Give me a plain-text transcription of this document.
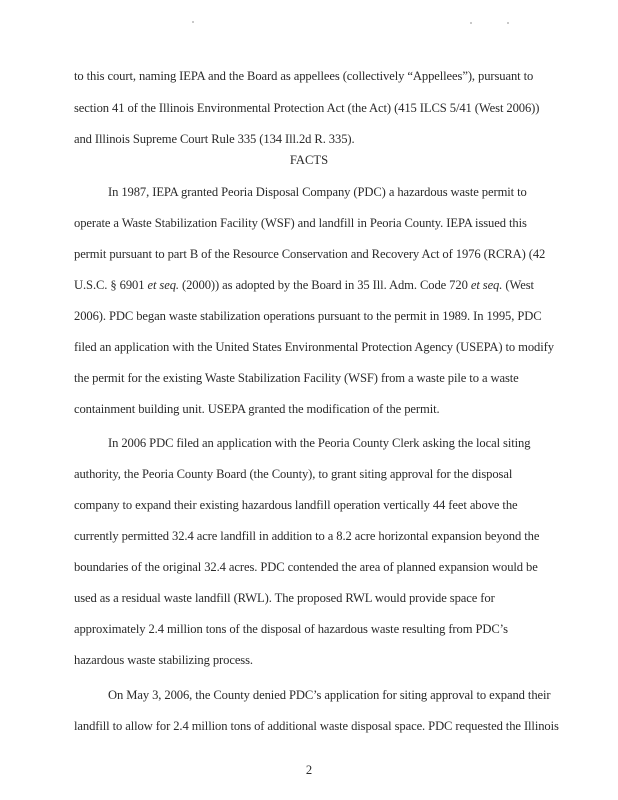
to this court, naming IEPA and the Board as appellees (collectively “Appellees”), pursuant to
section 41 of the Illinois Environmental Protection Act (the Act) (415 ILCS 5/41 (West 2006))
and Illinois Supreme Court Rule 335 (134 Ill.2d R. 335).
FACTS
In 1987, IEPA granted Peoria Disposal Company (PDC) a hazardous waste permit to
operate a Waste Stabilization Facility (WSF) and landfill in Peoria County. IEPA issued this
permit pursuant to part B of the Resource Conservation and Recovery Act of 1976 (RCRA) (42
U.S.C. § 6901 et seq. (2000)) as adopted by the Board in 35 Ill. Adm. Code 720 et seq. (West
2006). PDC began waste stabilization operations pursuant to the permit in 1989. In 1995, PDC
filed an application with the United States Environmental Protection Agency (USEPA) to modify
the permit for the existing Waste Stabilization Facility (WSF) from a waste pile to a waste
containment building unit. USEPA granted the modification of the permit.
In 2006 PDC filed an application with the Peoria County Clerk asking the local siting
authority, the Peoria County Board (the County), to grant siting approval for the disposal
company to expand their existing hazardous landfill operation vertically 44 feet above the
currently permitted 32.4 acre landfill in addition to a 8.2 acre horizontal expansion beyond the
boundaries of the original 32.4 acres. PDC contended the area of planned expansion would be
used as a residual waste landfill (RWL). The proposed RWL would provide space for
approximately 2.4 million tons of the disposal of hazardous waste resulting from PDC’s
hazardous waste stabilizing process.
On May 3, 2006, the County denied PDC’s application for siting approval to expand their
landfill to allow for 2.4 million tons of additional waste disposal space. PDC requested the Illinois
2
